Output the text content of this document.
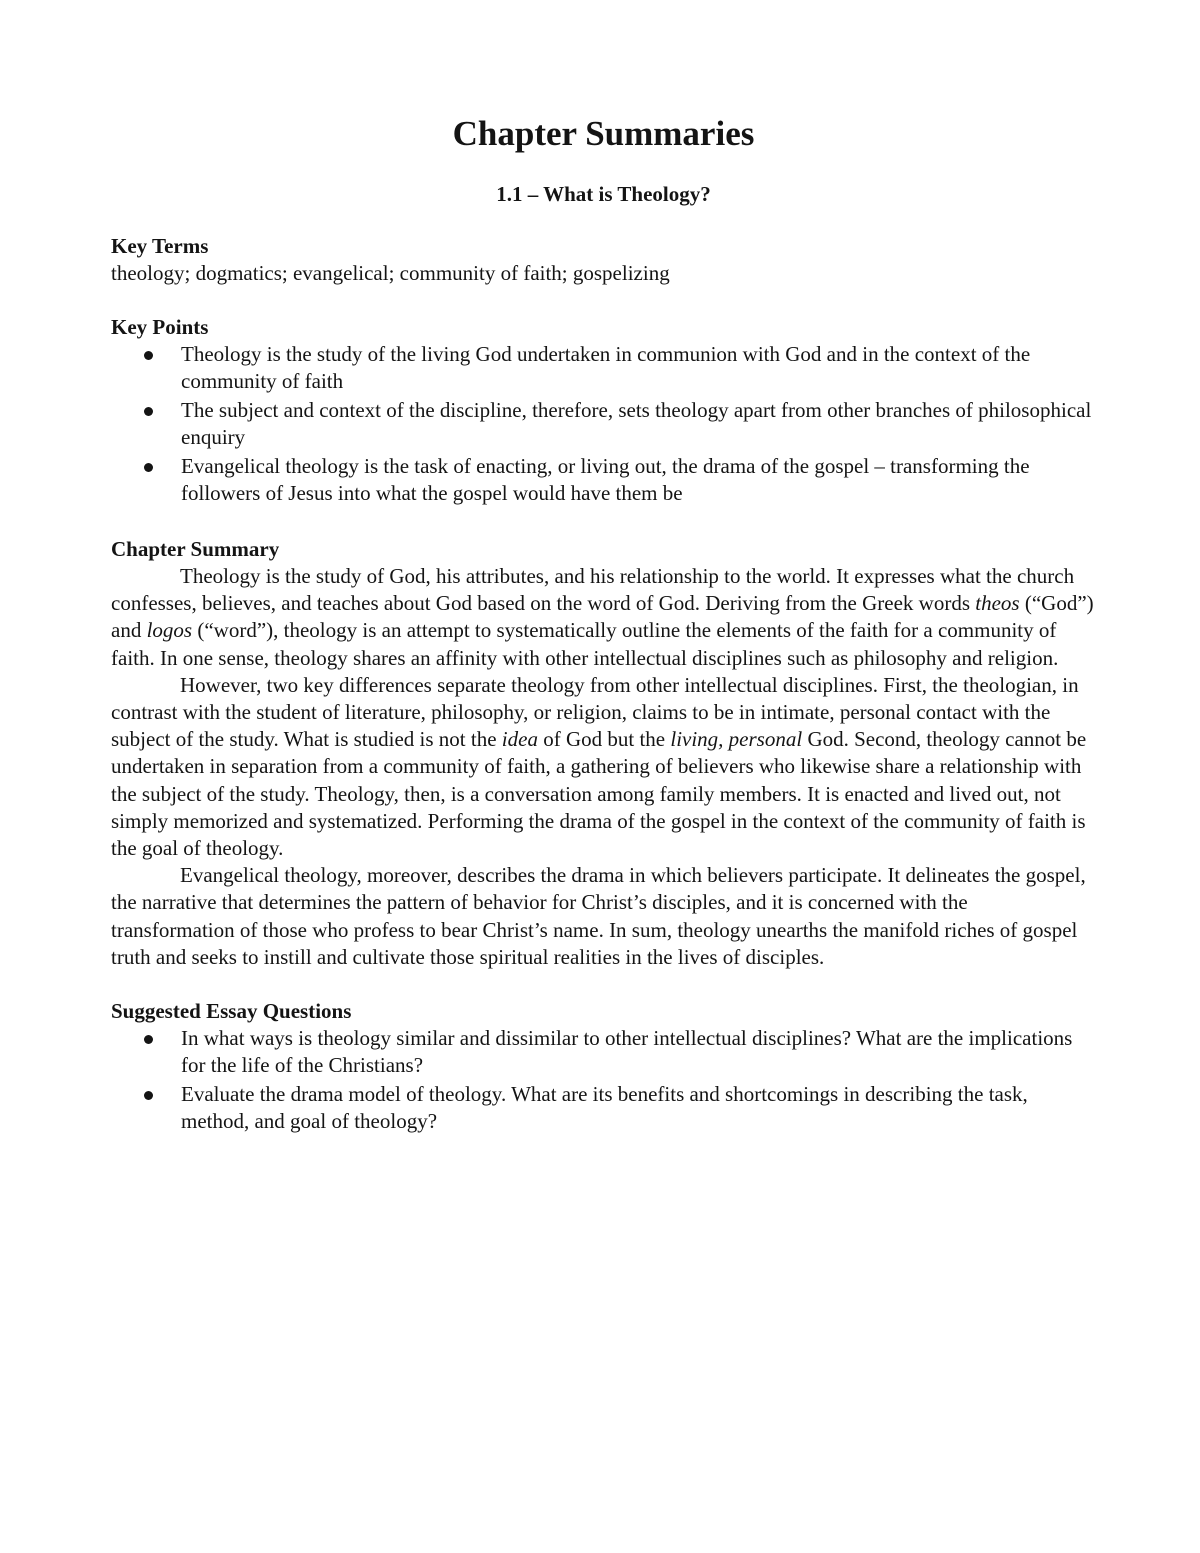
Chapter Summaries
1.1 – What is Theology?

Key Terms

theology; dogmatics; evangelical; community of faith; gospelizing

Key Points

Theology is the study of the living God undertaken in communion with God and in the context of the community of faith
The subject and context of the discipline, therefore, sets theology apart from other branches of philosophical enquiry
Evangelical theology is the task of enacting, or living out, the drama of the gospel – transforming the followers of Jesus into what the gospel would have them be

Chapter Summary

Theology is the study of God, his attributes, and his relationship to the world. It expresses what the church confesses, believes, and teaches about God based on the word of God. Deriving from the Greek words theos (“God”) and logos (“word”), theology is an attempt to systematically outline the elements of the faith for a community of faith. In one sense, theology shares an affinity with other intellectual disciplines such as philosophy and religion.

However, two key differences separate theology from other intellectual disciplines. First, the theologian, in contrast with the student of literature, philosophy, or religion, claims to be in intimate, personal contact with the subject of the study. What is studied is not the idea of God but the living, personal God. Second, theology cannot be undertaken in separation from a community of faith, a gathering of believers who likewise share a relationship with the subject of the study. Theology, then, is a conversation among family members. It is enacted and lived out, not simply memorized and systematized. Performing the drama of the gospel in the context of the community of faith is the goal of theology.

Evangelical theology, moreover, describes the drama in which believers participate. It delineates the gospel, the narrative that determines the pattern of behavior for Christ’s disciples, and it is concerned with the transformation of those who profess to bear Christ’s name. In sum, theology unearths the manifold riches of gospel truth and seeks to instill and cultivate those spiritual realities in the lives of disciples.

Suggested Essay Questions

In what ways is theology similar and dissimilar to other intellectual disciplines? What are the implications for the life of the Christians?
Evaluate the drama model of theology. What are its benefits and shortcomings in describing the task, method, and goal of theology?
